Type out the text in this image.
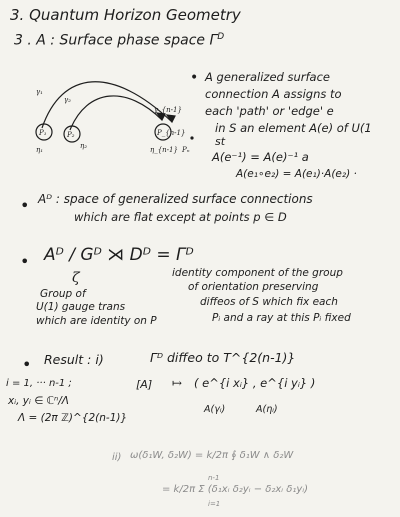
3. Quantum Horizon Geometry
3 . A : Surface phase space $\Gamma^D$
γ₁
γ₂
γ_{n-1}
η₁	η₂	η_{n-1} Pₙ
P₁	P₂	P_{n-1}
• A generalized surface
connection A assigns to
each 'path' or 'edge' e
in S an element A(e) of U(1
st
A(e⁻¹) = A(e)⁻¹ a
A(e₁∘e₂) = A(e₁)·A(e₂) ·
• Aᴰ : space of generalized surface connections
which are flat except at points p ∈ D
• Aᴰ / Gᴰ ⋊ Dᴰ = Γᴰ
ζ
Group of
U(1) gauge trans
which are identity on P
identity component of the group
of orientation preserving
diffeos of S which fix each
Pᵢ and a ray at this Pᵢ fixed
• Result : i)	Γᴰ diffeo to T^{2(n-1)}
[A] ↦ ( e^{i xᵢ} , e^{i yᵢ} )
A(γᵢ)	A(ηᵢ)
i = 1, ··· n-1 ;
xᵢ, yᵢ ∈ ℂⁿ/Λ
Λ = (2π ℤ)^{2(n-1)}
ii) ω(δ₁W, δ₂W) = k/2π ∮ δ₁W ∧ δ₂W
n-1
= k/2π Σ (δ₁xᵢ δ₂yᵢ − δ₂xᵢ δ₁yᵢ)
i=1
